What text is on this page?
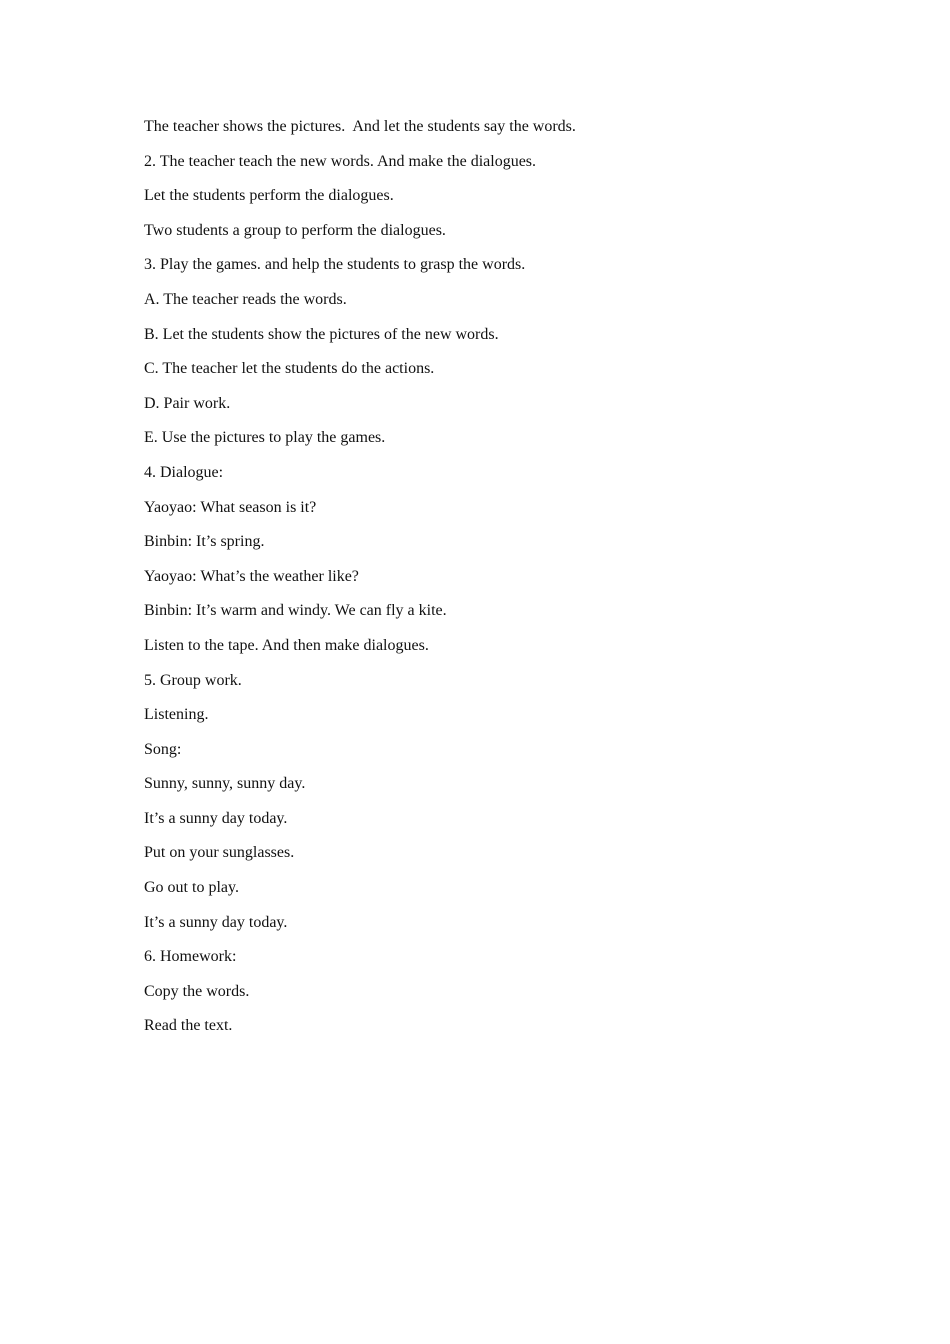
The teacher shows the pictures.  And let the students say the words.
2. The teacher teach the new words. And make the dialogues.
Let the students perform the dialogues.
Two students a group to perform the dialogues.
3. Play the games. and help the students to grasp the words.
A. The teacher reads the words.
B. Let the students show the pictures of the new words.
C. The teacher let the students do the actions.
D. Pair work.
E. Use the pictures to play the games.
4. Dialogue:
Yaoyao: What season is it?
Binbin: It’s spring.
Yaoyao: What’s the weather like?
Binbin: It’s warm and windy. We can fly a kite.
Listen to the tape. And then make dialogues.
5. Group work.
Listening.
Song:
Sunny, sunny, sunny day.
It’s a sunny day today.
Put on your sunglasses.
Go out to play.
It’s a sunny day today.
6. Homework:
Copy the words.
Read the text.
